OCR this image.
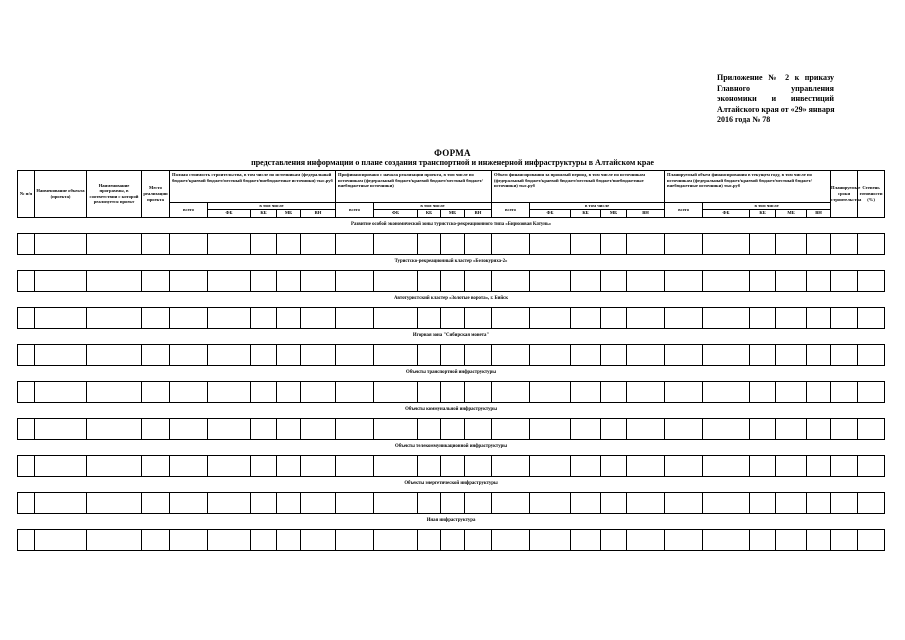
Приложение № 2 к приказу
Главного управления
экономики и инвестиций
Алтайского края от «29» января
2016 года № 78
ФОРМА
представления информации о плане создания транспортной и инженерной инфраструктуры в Алтайском крае
№ п/п	Наименование объекта (проекта)	Наименование программы, в соответствии с которой реализуется проект	Место реализации проекта	Полная стоимость строительства, в том числе по источникам (федеральный бюджет/краевой бюджет/местный бюджет/внебюджетные источники) тыс.руб					Профинансировано с начала реализации проекта, в том числе по источникам (федеральный бюджет/краевой бюджет/местный бюджет/внебюджетные источники)					Объем финансирования за прошлый период, в том числе по источникам (федеральный бюджет/краевой бюджет/местный бюджет/внебюджетные источники) тыс.руб					Планируемый объем финансирования в текущем году, в том числе по источникам (федеральный бюджет/краевой бюджет/местный бюджет/внебюджетные источники) тыс.руб					Планируемые сроки строительства	Степень готовности (%)
				всего	в том числе				всего	в том числе				всего	в том числе				всего	в том числе					
					ФБ	КБ	МБ	ВН		ФБ	КБ	МБ	ВН		ФБ	КБ	МБ	ВН		ФБ	КБ	МБ	ВН		
Развитие особой экономической зоны туристско-рекреационного типа «Бирюзовая Катунь»																									

Туристско-рекреационный кластер «Белокуриха-2»																									

Автотуристский кластер «Золотые ворота», г. Бийск																									

Игорная зона "Сибирская монета"																									

Объекты транспортной инфраструктуры																									

Объекты коммунальной инфраструктуры																									

Объекты телекоммуникационной инфраструктуры																									

Объекты энергетической инфраструктуры																									

Иная инфраструктура																									
